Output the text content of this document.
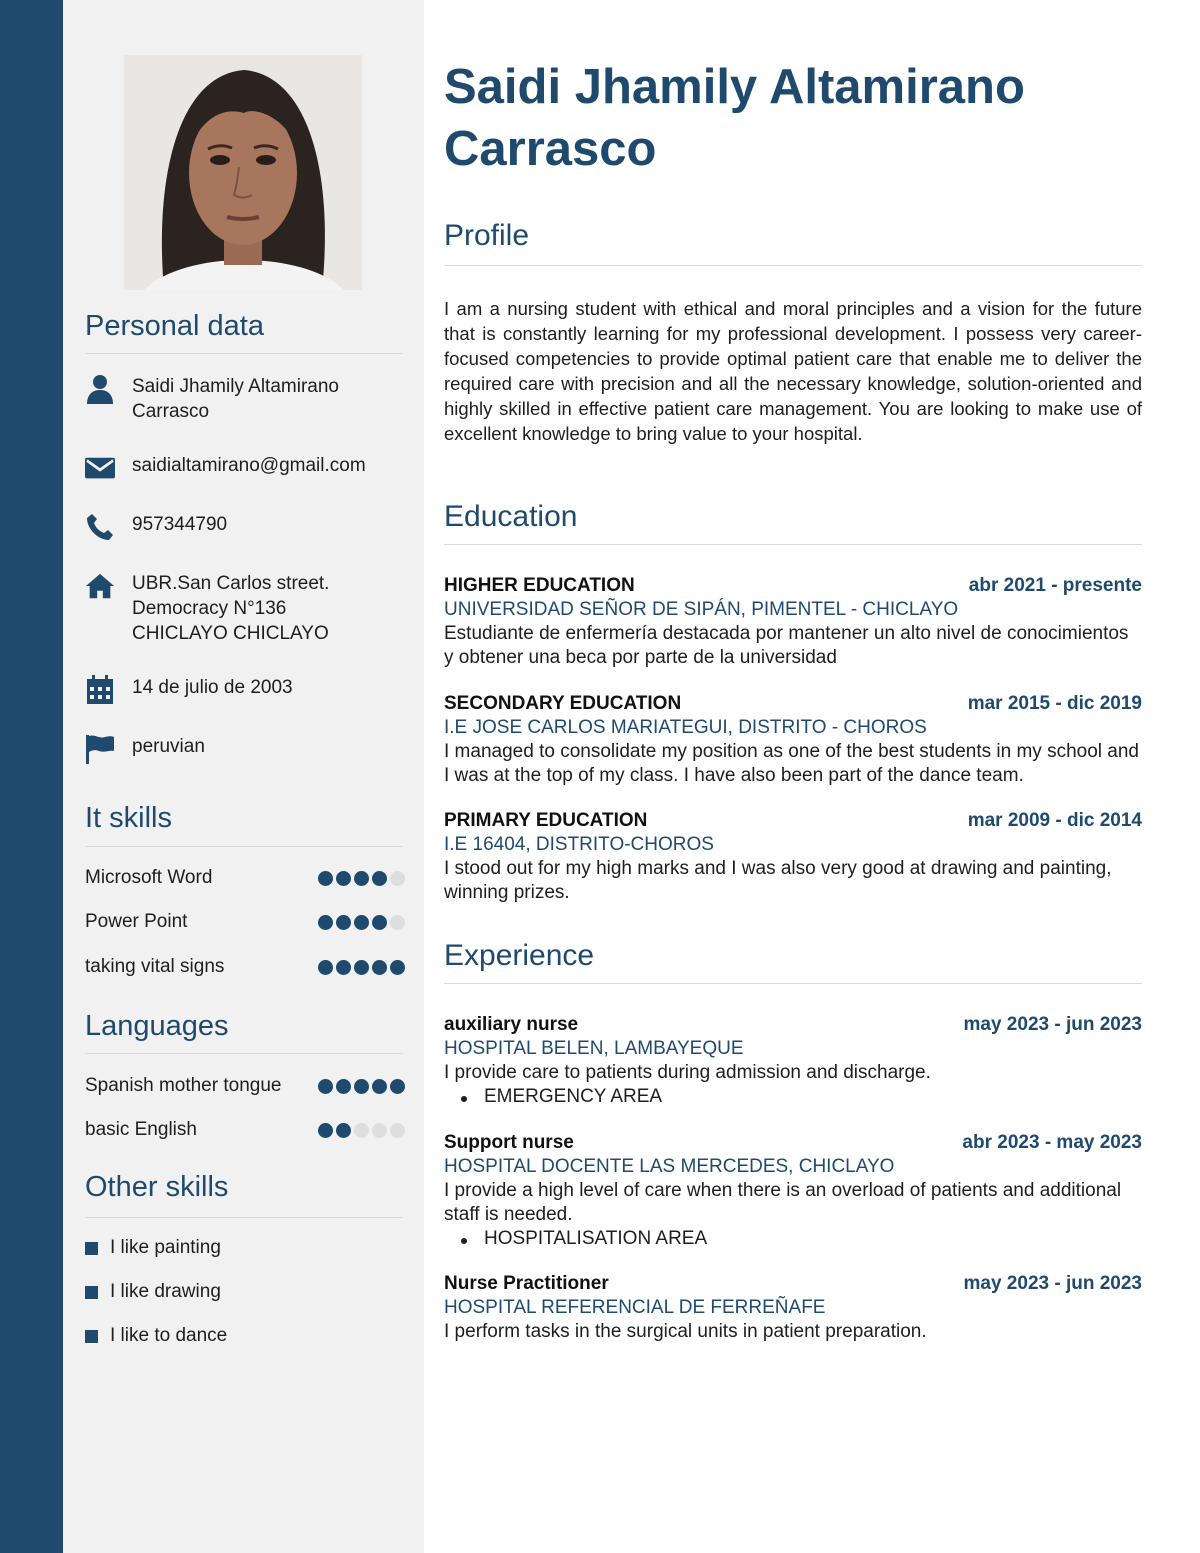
Personal data
Saidi Jhamily Altamirano
Carrasco
saidialtamirano@gmail.com
957344790
UBR.San Carlos street.
Democracy N°136
CHICLAYO CHICLAYO
14 de julio de 2003
peruvian
It skills
Microsoft Word
Power Point
taking vital signs
Languages
Spanish mother tongue
basic English
Other skills
I like painting
I like drawing
I like to dance
Saidi Jhamily Altamirano Carrasco
Profile

I am a nursing student with ethical and moral principles and a vision for the future that is constantly learning for my professional development. I possess very career-focused competencies to provide optimal patient care that enable me to deliver the required care with precision and all the necessary knowledge, solution-oriented and highly skilled in effective patient care management. You are looking to make use of excellent knowledge to bring value to your hospital.

Education
HIGHER EDUCATION	abr 2021 - presente
UNIVERSIDAD SEÑOR DE SIPÁN, PIMENTEL - CHICLAYO
Estudiante de enfermería destacada por mantener un alto nivel de conocimientos y obtener una beca por parte de la universidad
SECONDARY EDUCATION	mar 2015 - dic 2019
I.E JOSE CARLOS MARIATEGUI, DISTRITO - CHOROS
I managed to consolidate my position as one of the best students in my school and I was at the top of my class. I have also been part of the dance team.
PRIMARY EDUCATION	mar 2009 - dic 2014
I.E 16404, DISTRITO-CHOROS
I stood out for my high marks and I was also very good at drawing and painting, winning prizes.
Experience
auxiliary nurse	may 2023 - jun 2023
HOSPITAL BELEN, LAMBAYEQUE
I provide care to patients during admission and discharge.
EMERGENCY AREA
Support nurse	abr 2023 - may 2023
HOSPITAL DOCENTE LAS MERCEDES, CHICLAYO
I provide a high level of care when there is an overload of patients and additional staff is needed.
HOSPITALISATION AREA
Nurse Practitioner	may 2023 - jun 2023
HOSPITAL REFERENCIAL DE FERREÑAFE
I perform tasks in the surgical units in patient preparation.
